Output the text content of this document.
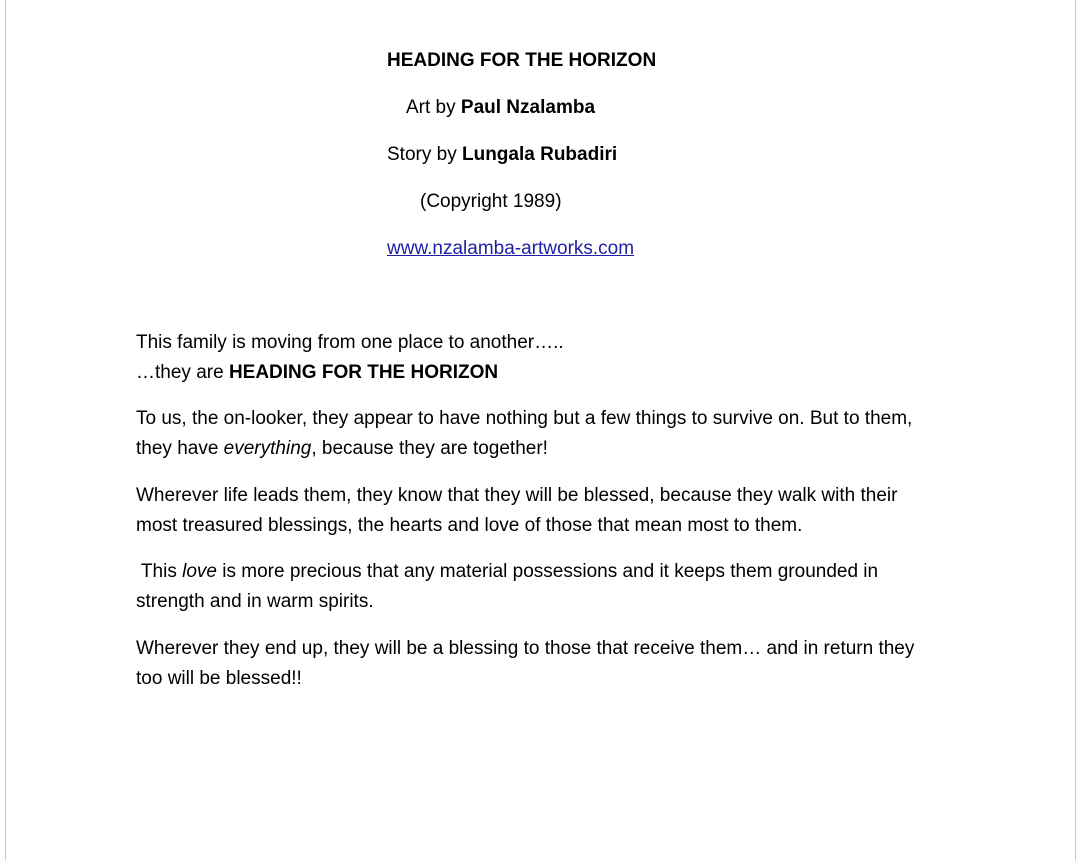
HEADING FOR THE HORIZON
Art by Paul Nzalamba
Story by Lungala Rubadiri
(Copyright 1989)
www.nzalamba-artworks.com
This family is moving from one place to another…..
…they are HEADING FOR THE HORIZON
To us, the on-looker, they appear to have nothing but a few things to survive on. But to them,
they have everything, because they are together!
Wherever life leads them, they know that they will be blessed, because they walk with their
most treasured blessings, the hearts and love of those that mean most to them.
This love is more precious that any material possessions and it keeps them grounded in
strength and in warm spirits.
Wherever they end up, they will be a blessing to those that receive them… and in return they
too will be blessed!!
